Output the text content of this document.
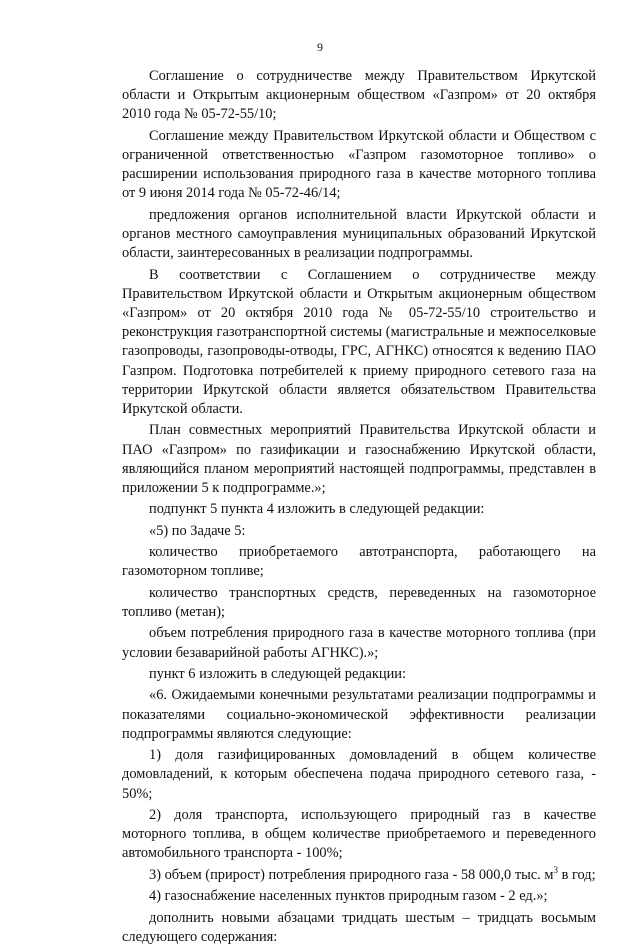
9

Соглашение о сотрудничестве между Правительством Иркутской области и Открытым акционерным обществом «Газпром» от 20 октября 2010 года № 05-72-55/10;

Соглашение между Правительством Иркутской области и Обществом с ограниченной ответственностью «Газпром газомоторное топливо» о расширении использования природного газа в качестве моторного топлива от 9 июня 2014 года № 05-72-46/14;

предложения органов исполнительной власти Иркутской области и органов местного самоуправления муниципальных образований Иркутской области, заинтересованных в реализации подпрограммы.

В соответствии с Соглашением о сотрудничестве между Правительством Иркутской области и Открытым акционерным обществом «Газпром» от 20 октября 2010 года № 05-72-55/10 строительство и реконструкция газотранспортной системы (магистральные и межпоселковые газопроводы, газопроводы-отводы, ГРС, АГНКС) относятся к ведению ПАО Газпром. Подготовка потребителей к приему природного сетевого газа на территории Иркутской области является обязательством Правительства Иркутской области.

План совместных мероприятий Правительства Иркутской области и ПАО «Газпром» по газификации и газоснабжению Иркутской области, являющийся планом мероприятий настоящей подпрограммы, представлен в приложении 5 к подпрограмме.»;

подпункт 5 пункта 4 изложить в следующей редакции:

«5) по Задаче 5:

количество приобретаемого автотранспорта, работающего на газомоторном топливе;

количество транспортных средств, переведенных на газомоторное топливо (метан);

объем потребления природного газа в качестве моторного топлива (при условии безаварийной работы АГНКС).»;

пункт 6 изложить в следующей редакции:

«6. Ожидаемыми конечными результатами реализации подпрограммы и показателями социально-экономической эффективности реализации подпрограммы являются следующие:

1) доля газифицированных домовладений в общем количестве домовладений, к которым обеспечена подача природного сетевого газа, - 50%;

2) доля транспорта, использующего природный газ в качестве моторного топлива, в общем количестве приобретаемого и переведенного автомобильного транспорта - 100%;

3) объем (прирост) потребления природного газа - 58 000,0 тыс. $м^3$ в год;

4) газоснабжение населенных пунктов природным газом - 2 ед.»;

дополнить новыми абзацами тридцать шестым – тридцать восьмым следующего содержания:
